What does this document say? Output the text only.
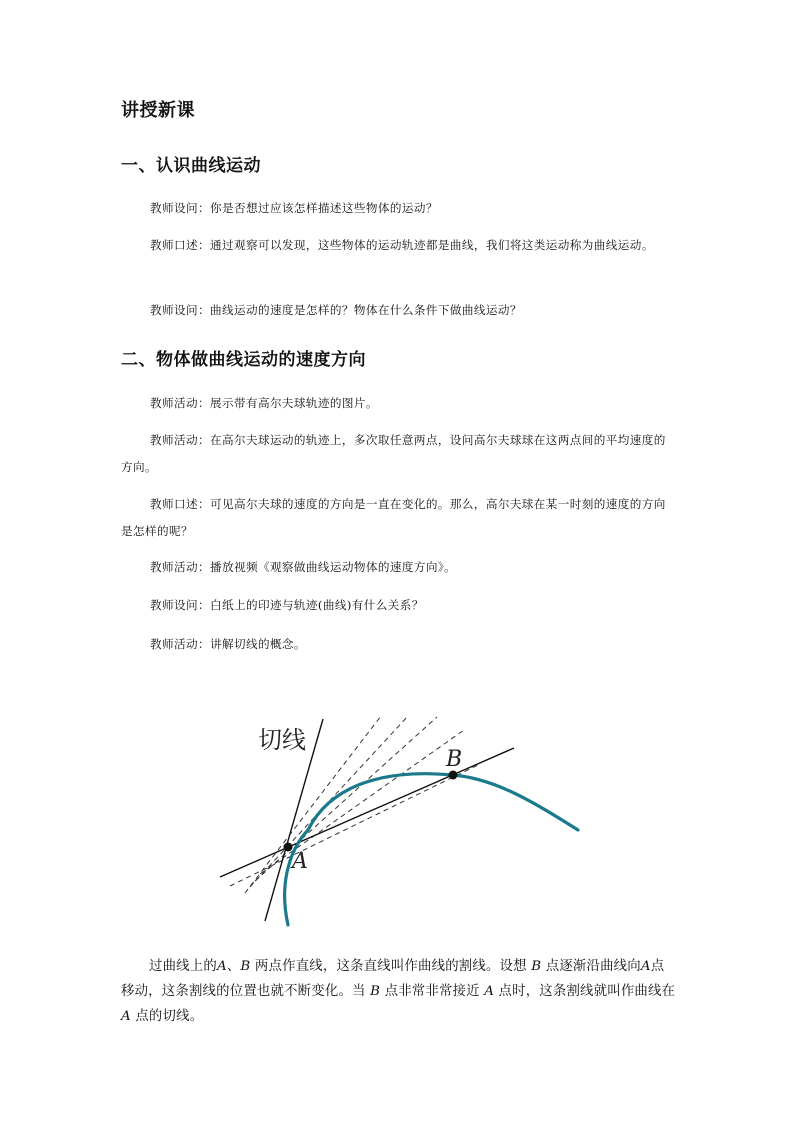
讲授新课
一、认识曲线运动
教师设问：你是否想过应该怎样描述这些物体的运动？
教师口述：通过观察可以发现，这些物体的运动轨迹都是曲线，我们将这类运动称为曲线运动。
教师设问：曲线运动的速度是怎样的？物体在什么条件下做曲线运动？
二、物体做曲线运动的速度方向
教师活动：展示带有高尔夫球轨迹的图片。
教师活动：在高尔夫球运动的轨迹上，多次取任意两点，设问高尔夫球球在这两点间的平均速度的方向。
教师口述：可见高尔夫球的速度的方向是一直在变化的。那么，高尔夫球在某一时刻的速度的方向是怎样的呢？
教师活动：播放视频《观察做曲线运动物体的速度方向》。
教师设问：白纸上的印迹与轨迹(曲线)有什么关系？
教师活动：讲解切线的概念。
切线
A
B
过曲线上的A、B 两点作直线，这条直线叫作曲线的割线。设想 B 点逐渐沿曲线向A点移动，这条割线的位置也就不断变化。当 B 点非常非常接近 A 点时，这条割线就叫作曲线在 A 点的切线。
